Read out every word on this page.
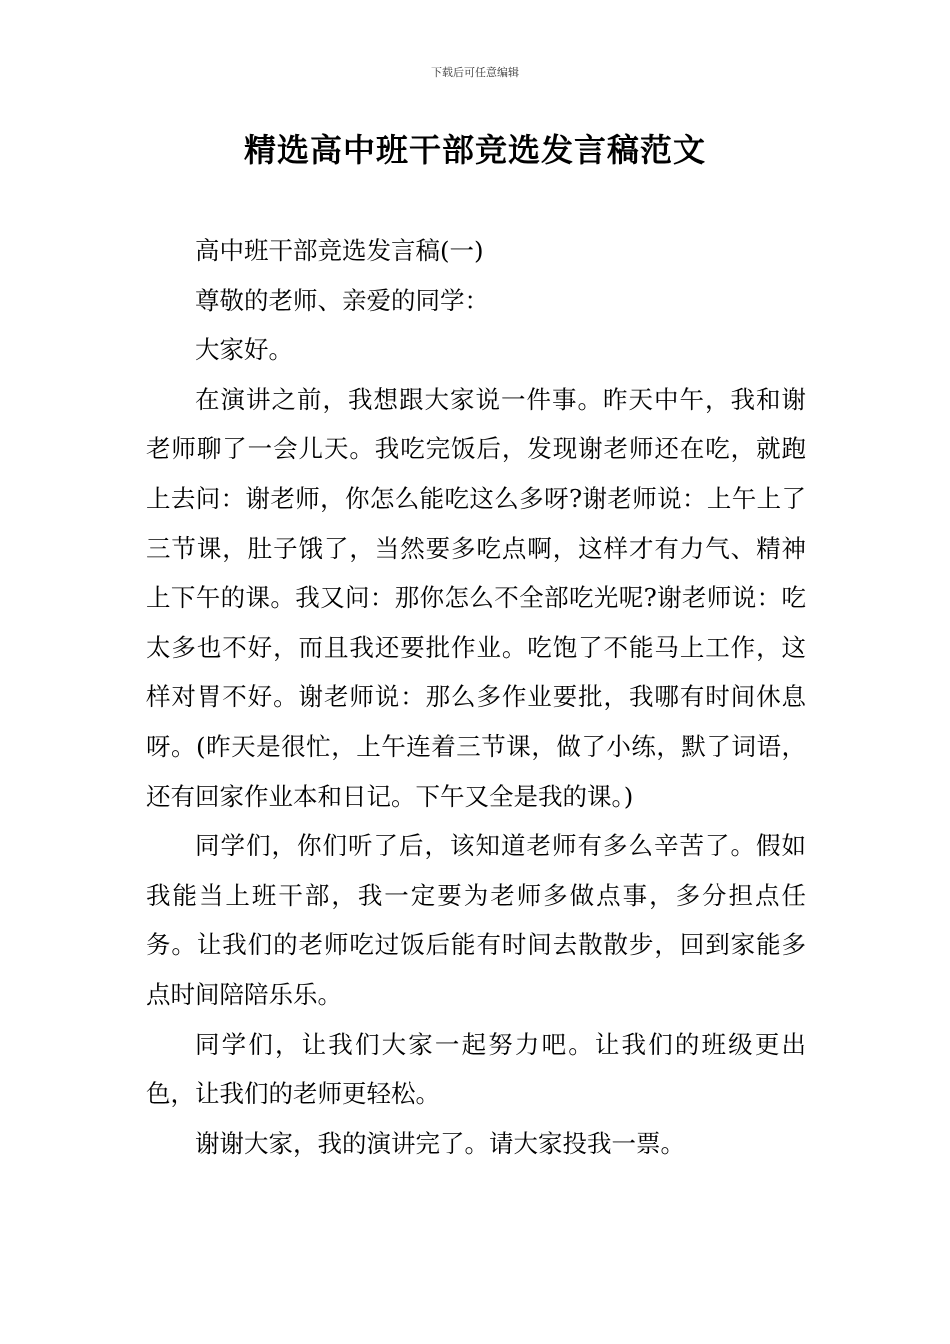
下载后可任意编辑
精选高中班干部竞选发言稿范文

高中班干部竞选发言稿(一)

尊敬的老师、亲爱的同学：

大家好。

在演讲之前，我想跟大家说一件事。昨天中午，我和谢老师聊了一会儿天。我吃完饭后，发现谢老师还在吃，就跑上去问：谢老师，你怎么能吃这么多呀?谢老师说：上午上了三节课，肚子饿了，当然要多吃点啊，这样才有力气、精神上下午的课。我又问：那你怎么不全部吃光呢?谢老师说：吃太多也不好，而且我还要批作业。吃饱了不能马上工作，这样对胃不好。谢老师说：那么多作业要批，我哪有时间休息呀。(昨天是很忙，上午连着三节课，做了小练，默了词语，还有回家作业本和日记。下午又全是我的课。)

同学们，你们听了后，该知道老师有多么辛苦了。假如我能当上班干部，我一定要为老师多做点事，多分担点任务。让我们的老师吃过饭后能有时间去散散步，回到家能多点时间陪陪乐乐。

同学们，让我们大家一起努力吧。让我们的班级更出色，让我们的老师更轻松。

谢谢大家，我的演讲完了。请大家投我一票。
